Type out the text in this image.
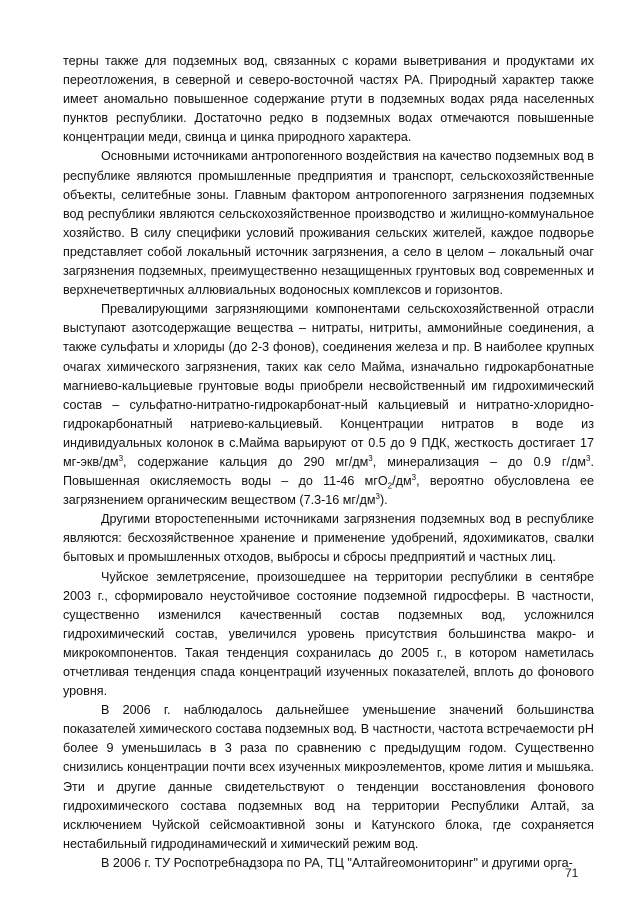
терны также для подземных вод, связанных с корами выветривания и продуктами их переотложения, в северной и северо-восточной частях РА. Природный характер также имеет аномально повышенное содержание ртути в подземных водах ряда населенных пунктов республики. Достаточно редко в подземных водах отмечаются повышенные концентрации меди, свинца и цинка природного характера.

Основными источниками антропогенного воздействия на качество подземных вод в республике являются промышленные предприятия и транспорт, сельскохозяйственные объекты, селитебные зоны. Главным фактором антропогенного загрязнения подземных вод республики являются сельскохозяйственное производство и жилищно-коммунальное хозяйство. В силу специфики условий проживания сельских жителей, каждое подворье представляет собой локальный источник загрязнения, а село в целом – локальный очаг загрязнения подземных, преимущественно незащищенных грунтовых вод современных и верхнечетвертичных аллювиальных водоносных комплексов и горизонтов.

Превалирующими загрязняющими компонентами сельскохозяйственной отрасли выступают азотсодержащие вещества – нитраты, нитриты, аммонийные соединения, а также сульфаты и хлориды (до 2-3 фонов), соединения железа и пр. В наиболее крупных очагах химического загрязнения, таких как село Майма, изначально гидрокарбонатные магниево-кальциевые грунтовые воды приобрели несвойственный им гидрохимический состав – сульфатно-нитратно-гидрокарбонат-ный кальциевый и нитратно-хлоридно-гидрокарбонатный натриево-кальциевый. Концентрации нитратов в воде из индивидуальных колонок в с.Майма варьируют от 0.5 до 9 ПДК, жесткость достигает 17 $мг-экв/дм^3$, содержание кальция до 290 $мг/дм^3$, минерализация – до 0.9 $г/дм^3$. Повышенная окисляемость воды – до 11-46 $мгО_2/дм^3$, вероятно обусловлена ее загрязнением органическим веществом (7.3-16 $мг/дм^3$).

Другими второстепенными источниками загрязнения подземных вод в республике являются: бесхозяйственное хранение и применение удобрений, ядохимикатов, свалки бытовых и промышленных отходов, выбросы и сбросы предприятий и частных лиц.

Чуйское землетрясение, произошедшее на территории республики в сентябре 2003 г., сформировало неустойчивое состояние подземной гидросферы. В частности, существенно изменился качественный состав подземных вод, усложнился гидрохимический состав, увеличился уровень присутствия большинства макро- и микрокомпонентов. Такая тенденция сохранилась до 2005 г., в котором наметилась отчетливая тенденция спада концентраций изученных показателей, вплоть до фонового уровня.

В 2006 г. наблюдалось дальнейшее уменьшение значений большинства показателей химического состава подземных вод. В частности, частота встречаемости рН более 9 уменьшилась в 3 раза по сравнению с предыдущим годом. Существенно снизились концентрации почти всех изученных микроэлементов, кроме лития и мышьяка. Эти и другие данные свидетельствуют о тенденции восстановления фонового гидрохимического состава подземных вод на территории Республики Алтай, за исключением Чуйской сейсмоактивной зоны и Катунского блока, где сохраняется нестабильный гидродинамический и химический режим вод.

В 2006 г. ТУ Роспотребнадзора по РА, ТЦ "Алтайгеомониторинг" и другими орга-

71
